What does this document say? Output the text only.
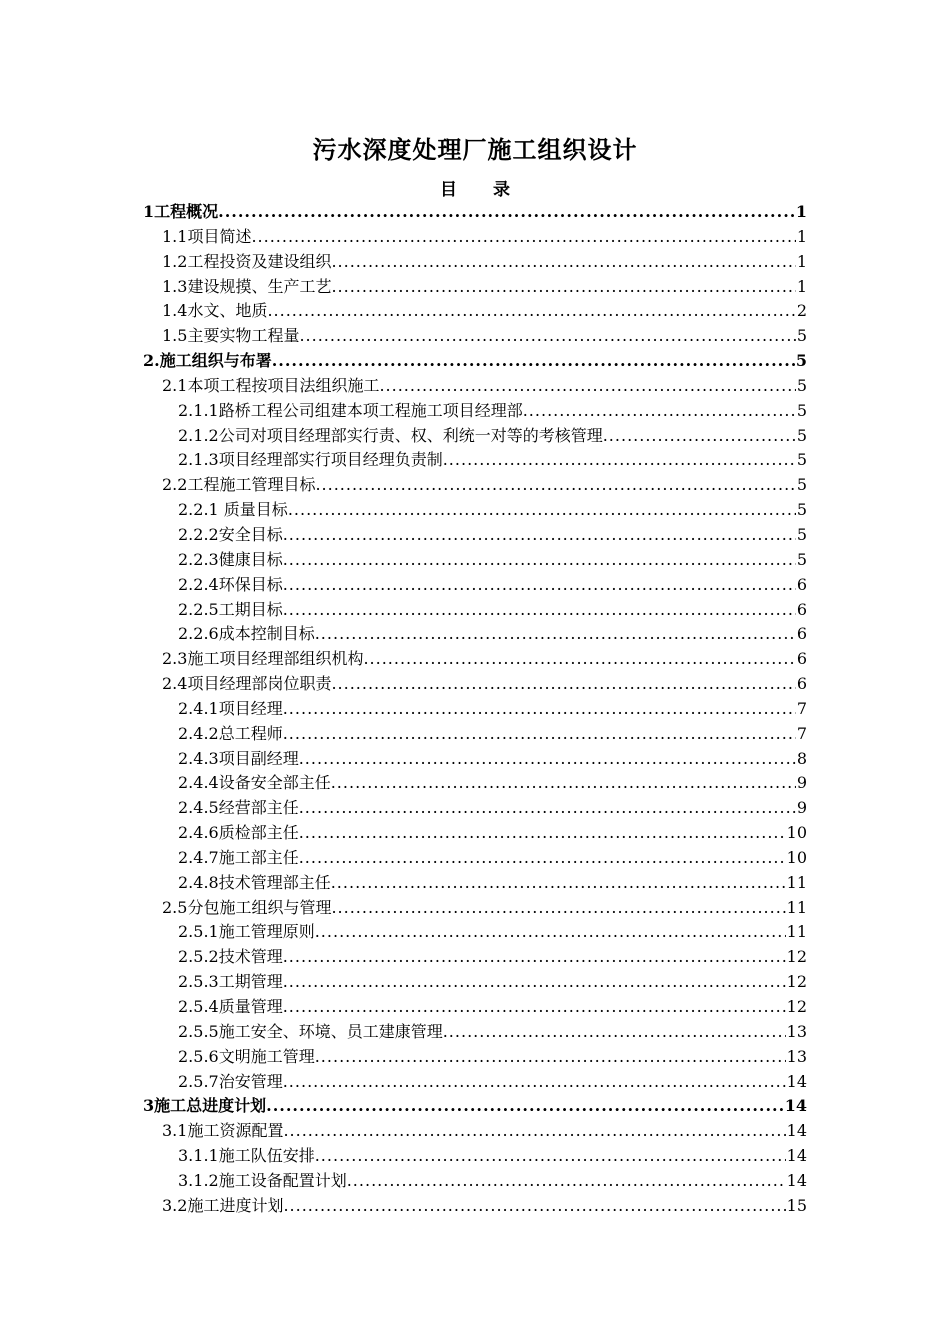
污水深度处理厂施工组织设计
目 录
1工程概况 .....	1
1.1项目简述 .....	1
1.2工程投资及建设组织 .....	1
1.3建设规摸、生产工艺 .....	1
1.4水文、地质 .....	2
1.5主要实物工程量 .....	5
2.施工组织与布署 .....	5
2.1本项工程按项目法组织施工 .....	5
2.1.1路桥工程公司组建本项工程施工项目经理部 .....	5
2.1.2公司对项目经理部实行责、权、利统一对等的考核管理 .....	5
2.1.3项目经理部实行项目经理负责制 .....	5
2.2工程施工管理目标 .....	5
2.2.1 质量目标 .....	5
2.2.2安全目标 .....	5
2.2.3健康目标 .....	5
2.2.4环保目标 .....	6
2.2.5工期目标 .....	6
2.2.6成本控制目标 .....	6
2.3施工项目经理部组织机构 .....	6
2.4项目经理部岗位职责 .....	6
2.4.1项目经理 .....	7
2.4.2总工程师 .....	7
2.4.3项目副经理 .....	8
2.4.4设备安全部主任 .....	9
2.4.5经营部主任 .....	9
2.4.6质检部主任 .....	10
2.4.7施工部主任 .....	10
2.4.8技术管理部主任 .....	11
2.5分包施工组织与管理 .....	11
2.5.1施工管理原则 .....	11
2.5.2技术管理 .....	12
2.5.3工期管理 .....	12
2.5.4质量管理 .....	12
2.5.5施工安全、环境、员工建康管理 .....	13
2.5.6文明施工管理 .....	13
2.5.7治安管理 .....	14
3施工总进度计划 .....	14
3.1施工资源配置 .....	14
3.1.1施工队伍安排 .....	14
3.1.2施工设备配置计划 .....	14
3.2施工进度计划 .....	15
